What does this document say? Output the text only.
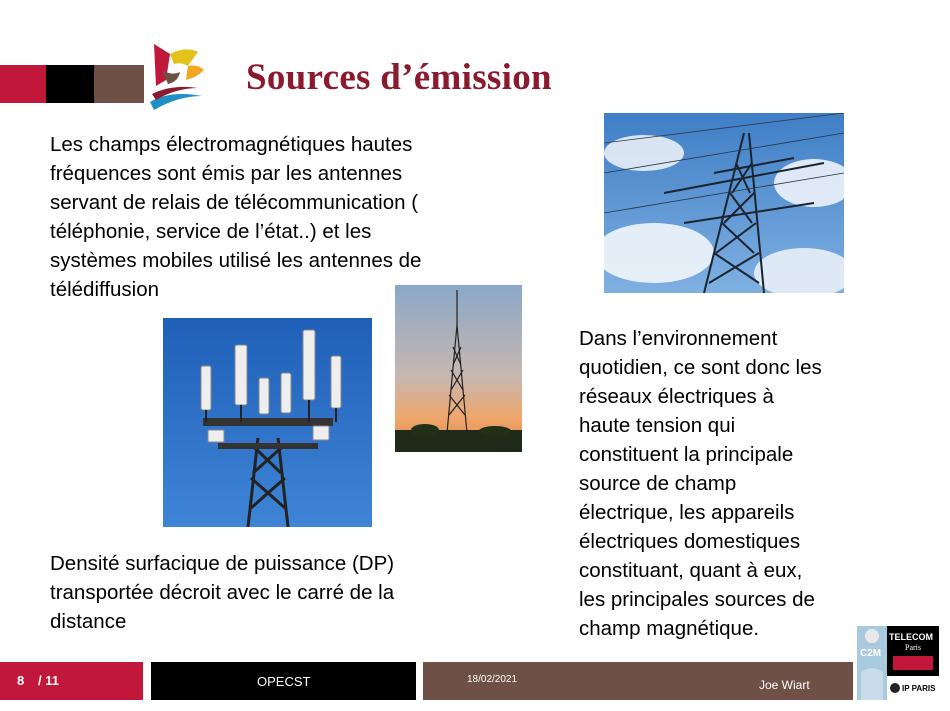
Sources d’émission
Les champs électromagnétiques hautes
fréquences sont émis par les antennes
servant de relais de télécommunication (
téléphonie, service de l’état..) et les
systèmes mobiles utilisé les antennes de
télédiffusion
Dans l’environnement
quotidien, ce sont donc les
réseaux électriques à
haute tension qui
constituent la principale
source de champ
électrique, les appareils
électriques domestiques
constituant, quant à eux,
les principales sources de
champ magnétique.
Densité surfacique de puissance (DP)
transportée décroit avec le carré de la
distance
8 / 11	OPECST	18/02/2021	Joe Wiart
C2M
TELECOM
Paris
IP PARIS
